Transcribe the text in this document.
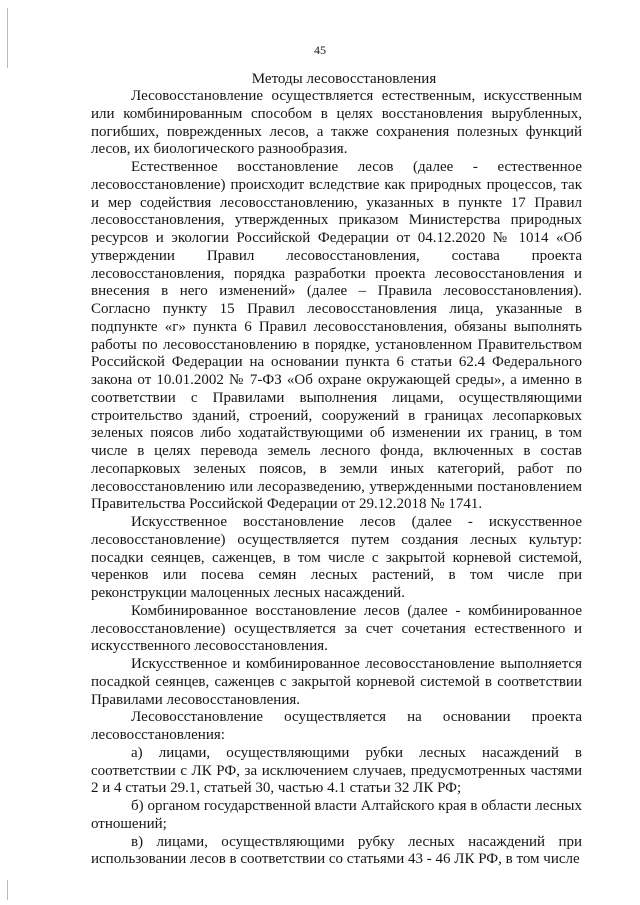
45
Методы лесовосстановления

Лесовосстановление осуществляется естественным, искусственным или комбинированным способом в целях восстановления вырубленных, погибших, поврежденных лесов, а также сохранения полезных функций лесов, их биологического разнообразия.

Естественное восстановление лесов (далее - естественное лесовосстановление) происходит вследствие как природных процессов, так и мер содействия лесовосстановлению, указанных в пункте 17 Правил лесовосстановления, утвержденных приказом Министерства природных ресурсов и экологии Российской Федерации от 04.12.2020 № 1014 «Об утверждении Правил лесовосстановления, состава проекта лесовосстановления, порядка разработки проекта лесовосстановления и внесения в него изменений» (далее – Правила лесовосстановления). Согласно пункту 15 Правил лесовосстановления лица, указанные в подпункте «г» пункта 6 Правил лесовосстановления, обязаны выполнять работы по лесовосстановлению в порядке, установленном Правительством Российской Федерации на основании пункта 6 статьи 62.4 Федерального закона от 10.01.2002 № 7-ФЗ «Об охране окружающей среды», а именно в соответствии с Правилами выполнения лицами, осуществляющими строительство зданий, строений, сооружений в границах лесопарковых зеленых поясов либо ходатайствующими об изменении их границ, в том числе в целях перевода земель лесного фонда, включенных в состав лесопарковых зеленых поясов, в земли иных категорий, работ по лесовосстановлению или лесоразведению, утвержденными постановлением Правительства Российской Федерации от 29.12.2018 № 1741.

Искусственное восстановление лесов (далее - искусственное лесовосстановление) осуществляется путем создания лесных культур: посадки сеянцев, саженцев, в том числе с закрытой корневой системой, черенков или посева семян лесных растений, в том числе при реконструкции малоценных лесных насаждений.

Комбинированное восстановление лесов (далее - комбинированное лесовосстановление) осуществляется за счет сочетания естественного и искусственного лесовосстановления.

Искусственное и комбинированное лесовосстановление выполняется посадкой сеянцев, саженцев с закрытой корневой системой в соответствии Правилами лесовосстановления.

Лесовосстановление осуществляется на основании проекта лесовосстановления:

а) лицами, осуществляющими рубки лесных насаждений в соответствии с ЛК РФ, за исключением случаев, предусмотренных частями 2 и 4 статьи 29.1, статьей 30, частью 4.1 статьи 32 ЛК РФ;

б) органом государственной власти Алтайского края в области лесных отношений;

в) лицами, осуществляющими рубку лесных насаждений при использовании лесов в соответствии со статьями 43 - 46 ЛК РФ, в том числе
